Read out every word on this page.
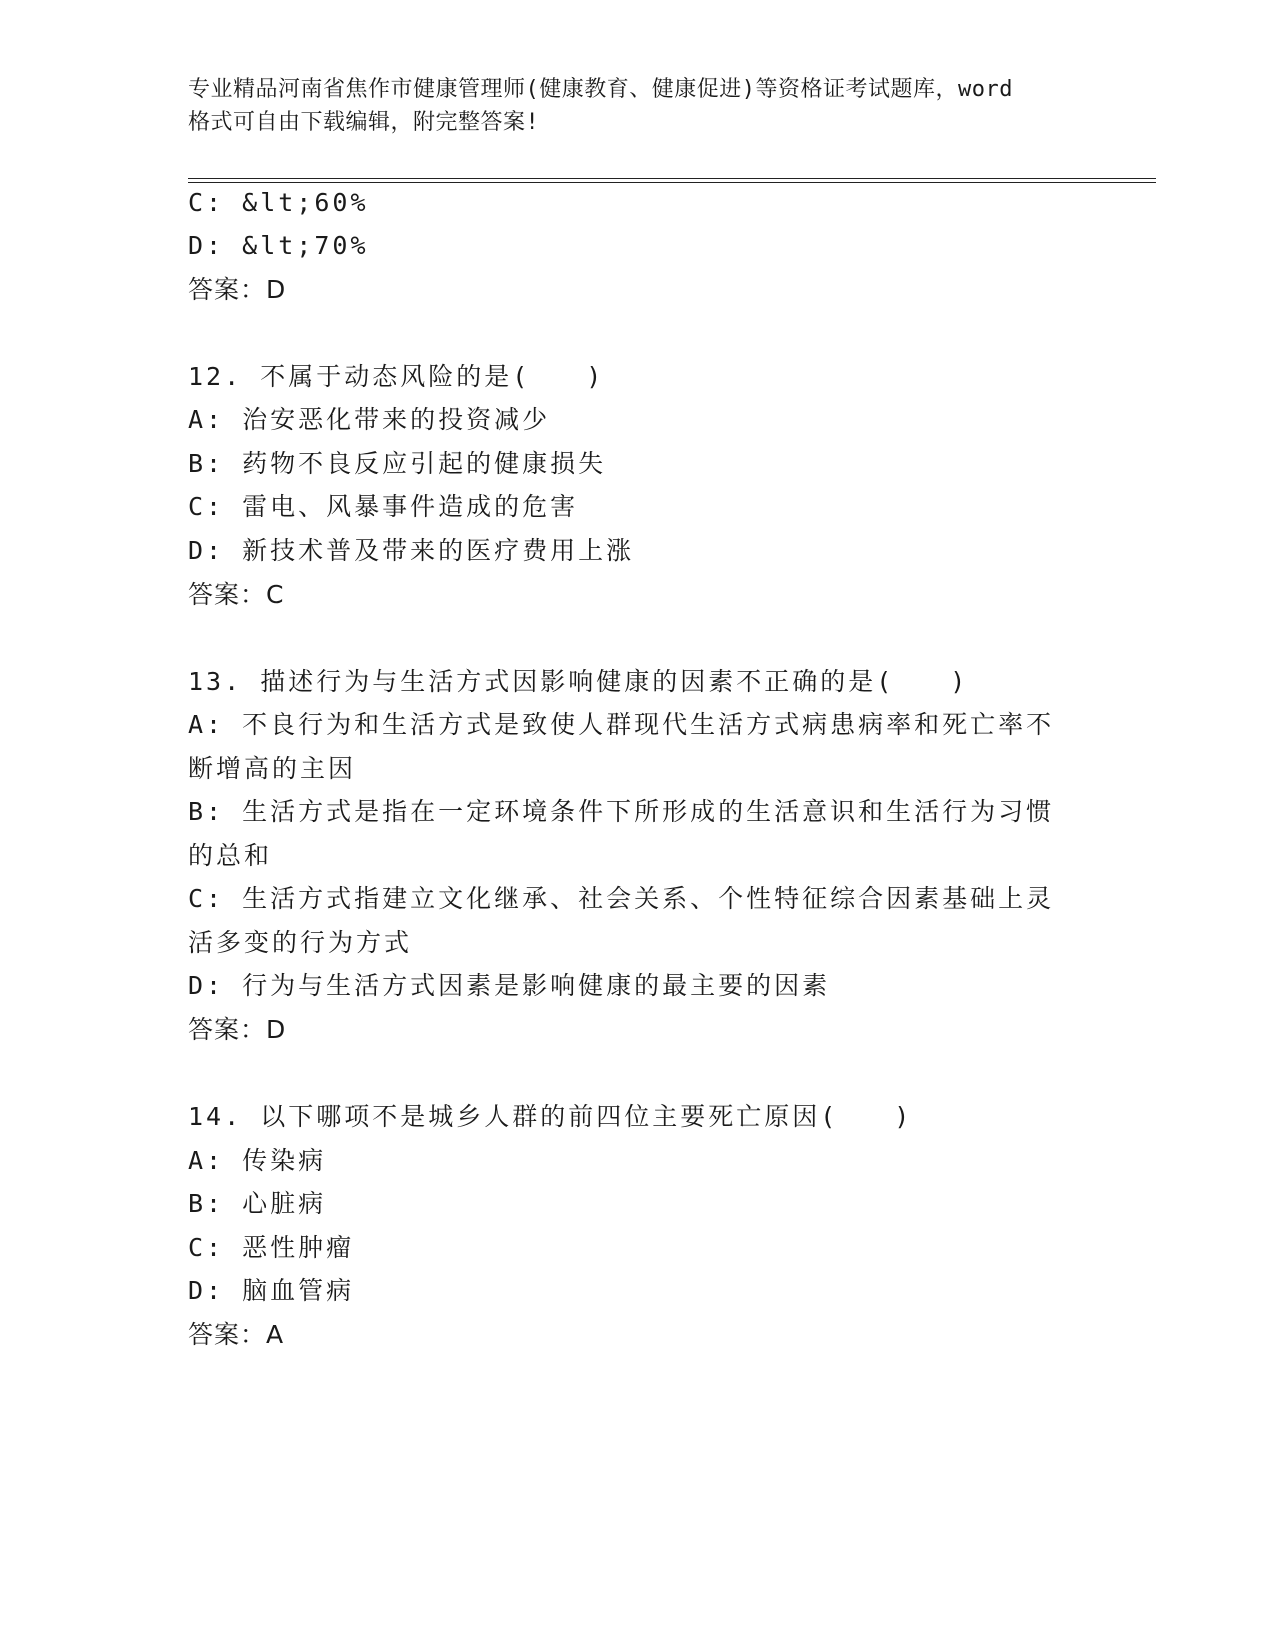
专业精品河南省焦作市健康管理师(健康教育、健康促进)等资格证考试题库，word
格式可自由下载编辑，附完整答案!
C: &lt;60%
D: &lt;70%
答案：D
12. 不属于动态风险的是(　　)
A: 治安恶化带来的投资减少
B: 药物不良反应引起的健康损失
C: 雷电、风暴事件造成的危害
D: 新技术普及带来的医疗费用上涨
答案：C
13. 描述行为与生活方式因影响健康的因素不正确的是(　　)
A: 不良行为和生活方式是致使人群现代生活方式病患病率和死亡率不
断增高的主因
B: 生活方式是指在一定环境条件下所形成的生活意识和生活行为习惯
的总和
C: 生活方式指建立文化继承、社会关系、个性特征综合因素基础上灵
活多变的行为方式
D: 行为与生活方式因素是影响健康的最主要的因素
答案：D
14. 以下哪项不是城乡人群的前四位主要死亡原因(　　)
A: 传染病
B: 心脏病
C: 恶性肿瘤
D: 脑血管病
答案：A
